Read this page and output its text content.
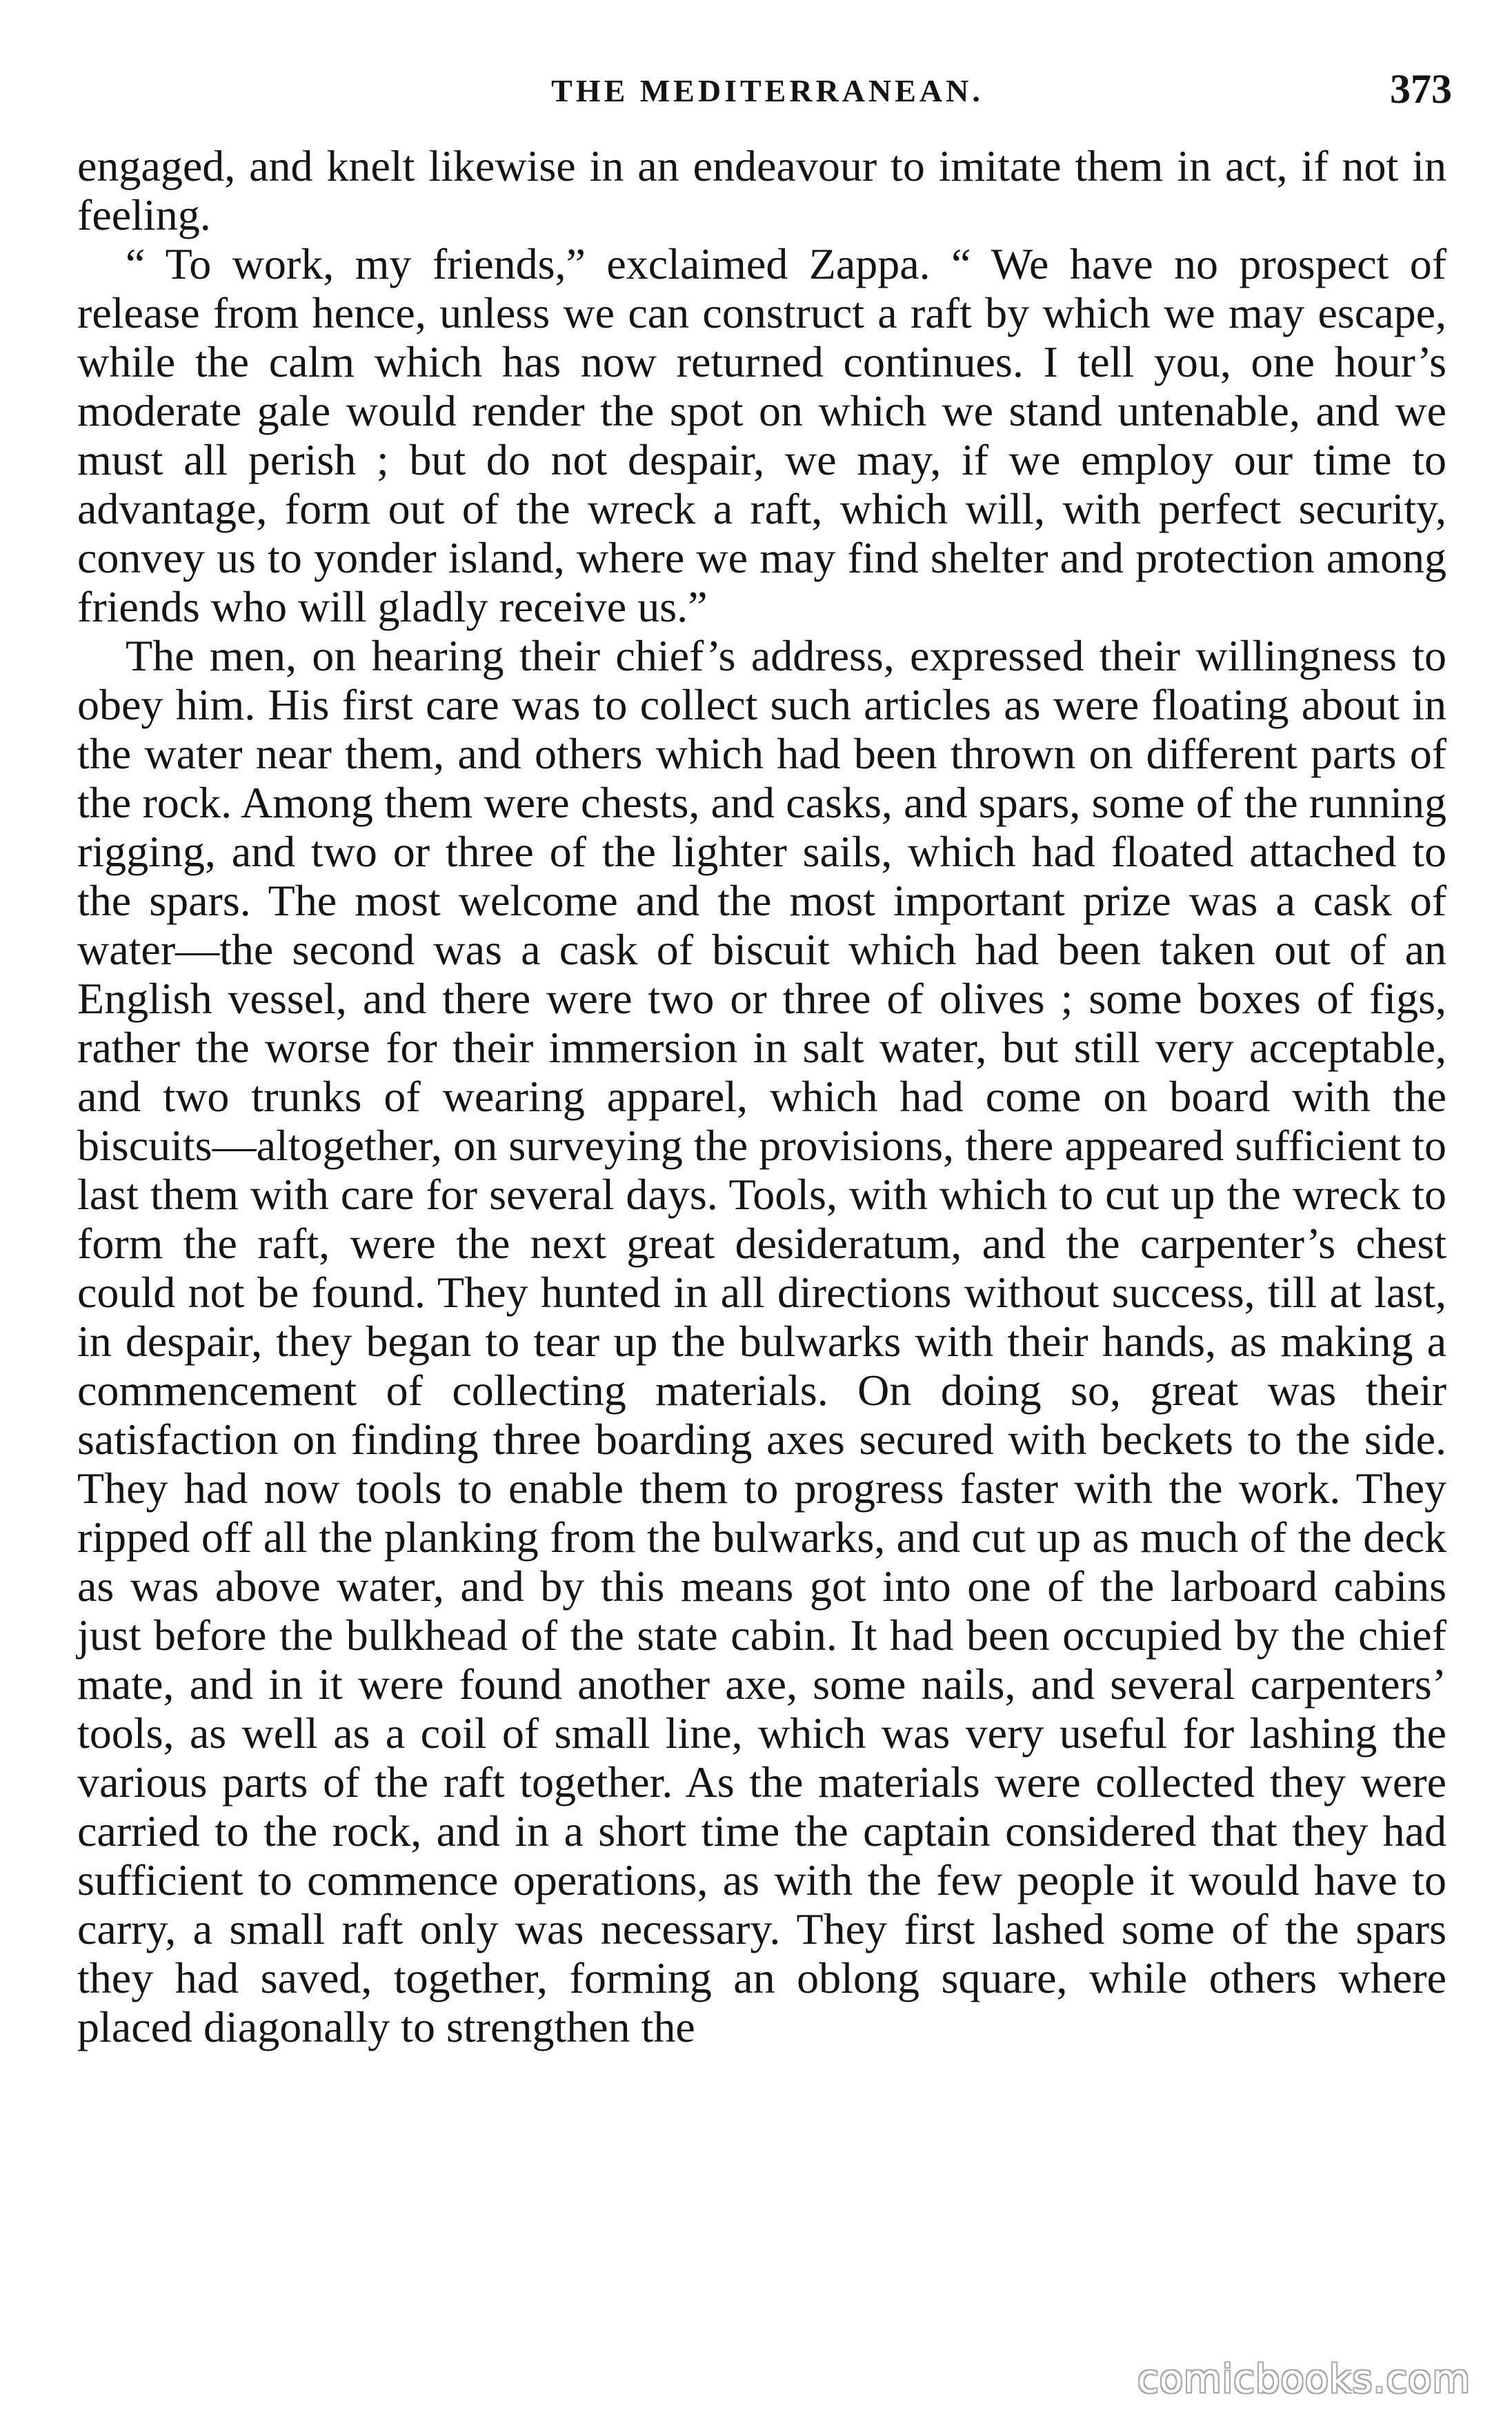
THE MEDITERRANEAN.	373

engaged, and knelt likewise in an endeavour to imitate them in act, if not in feeling.

“ To work, my friends,” exclaimed Zappa. “ We have no prospect of release from hence, unless we can construct a raft by which we may escape, while the calm which has now returned continues. I tell you, one hour’s moderate gale would render the spot on which we stand untenable, and we must all perish ; but do not despair, we may, if we employ our time to advantage, form out of the wreck a raft, which will, with perfect security, convey us to yonder island, where we may find shelter and protection among friends who will gladly receive us.”

The men, on hearing their chief’s address, expressed their willingness to obey him. His first care was to collect such articles as were floating about in the water near them, and others which had been thrown on different parts of the rock. Among them were chests, and casks, and spars, some of the running rigging, and two or three of the lighter sails, which had floated attached to the spars. The most welcome and the most important prize was a cask of water—the second was a cask of biscuit which had been taken out of an English vessel, and there were two or three of olives ; some boxes of figs, rather the worse for their immersion in salt water, but still very acceptable, and two trunks of wearing apparel, which had come on board with the biscuits—altogether, on surveying the provisions, there appeared sufficient to last them with care for several days. Tools, with which to cut up the wreck to form the raft, were the next great desideratum, and the carpenter’s chest could not be found. They hunted in all directions without success, till at last, in despair, they began to tear up the bulwarks with their hands, as making a commencement of collecting materials. On doing so, great was their satisfaction on finding three boarding axes secured with beckets to the side. They had now tools to enable them to progress faster with the work. They ripped off all the planking from the bulwarks, and cut up as much of the deck as was above water, and by this means got into one of the larboard cabins just before the bulkhead of the state cabin. It had been occupied by the chief mate, and in it were found another axe, some nails, and several carpenters’ tools, as well as a coil of small line, which was very useful for lashing the various parts of the raft together. As the materials were collected they were carried to the rock, and in a short time the captain considered that they had sufficient to commence operations, as with the few people it would have to carry, a small raft only was necessary. They first lashed some of the spars they had saved, together, forming an oblong square, while others where placed diagonally to strengthen the

comicbooks.com
